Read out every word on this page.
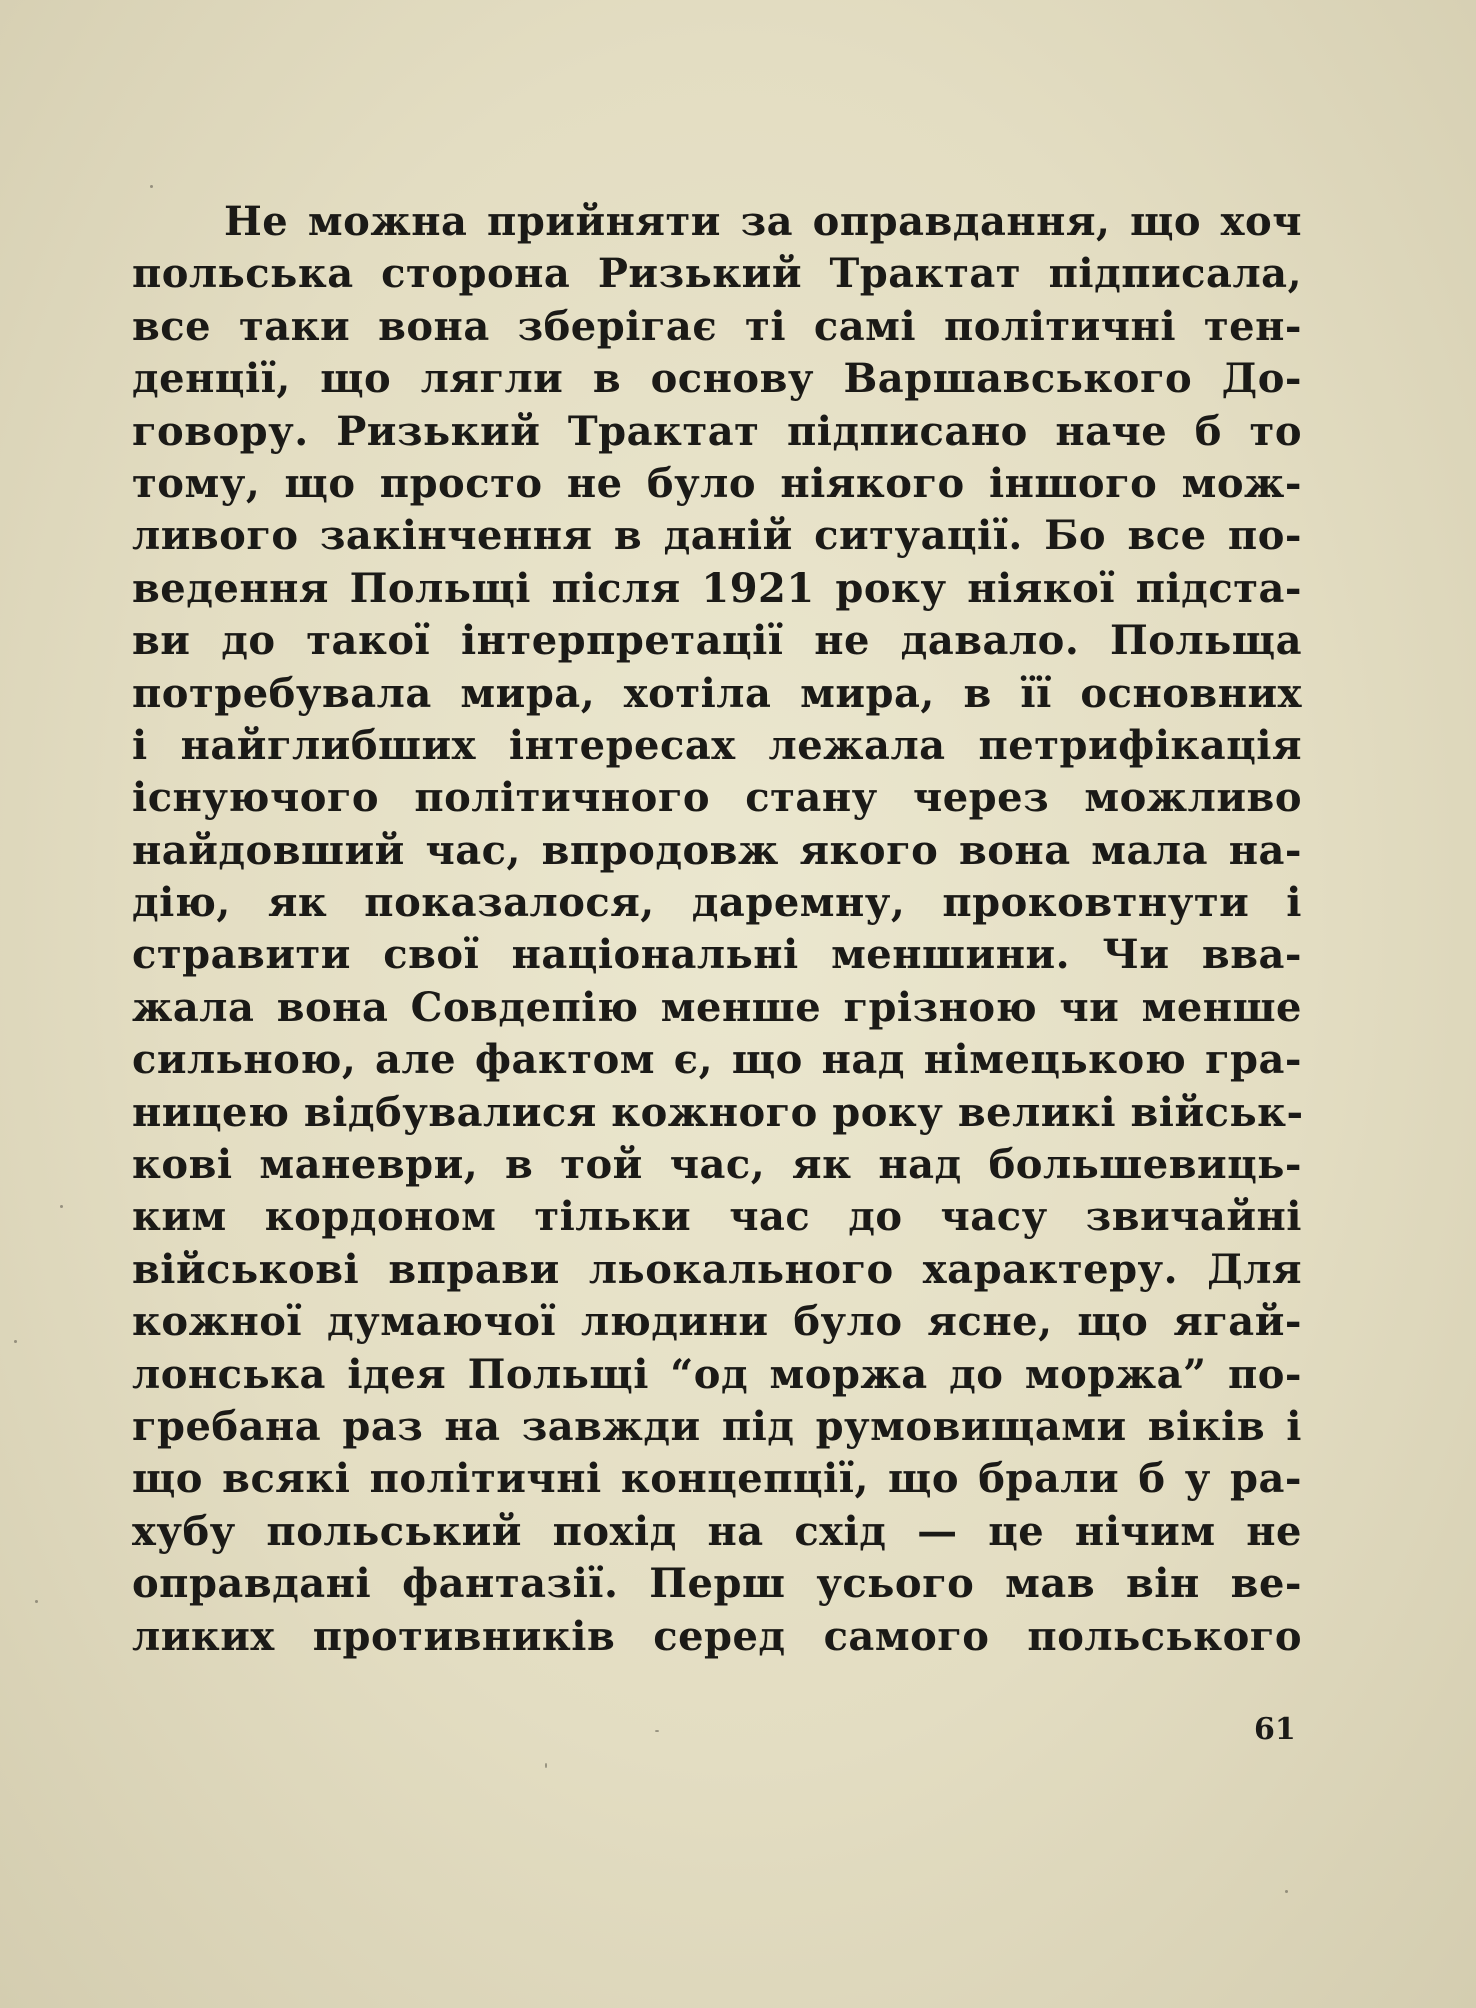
Не можна прийняти за оправдання, що хоч
польська сторона Ризький Трактат підписала,
все таки вона зберігає ті самі політичні тен-
денції, що лягли в основу Варшавського До-
говору. Ризький Трактат підписано наче б то
тому, що просто не було ніякого іншого мож-
ливого закінчення в даній ситуації. Бо все по-
ведення Польщі після 1921 року ніякої підста-
ви до такої інтерпретації не давало. Польща
потребувала мира, хотіла мира, в її основних
і найглибших інтересах лежала петрифікація
існуючого політичного стану через можливо
найдовший час, впродовж якого вона мала на-
дію, як показалося, даремну, проковтнути і
стравити свої національні меншини. Чи вва-
жала вона Совдепію менше грізною чи менше
сильною, але фактом є, що над німецькою гра-
ницею відбувалися кожного року великі військ-
кові маневри, в той час, як над большевиць-
ким кордоном тільки час до часу звичайні
військові вправи льокального характеру. Для
кожної думаючої людини було ясне, що ягай-
лонська ідея Польщі “од моржа до моржа” по-
гребана раз на завжди під румовищами віків і
що всякі політичні концепції, що брали б у ра-
хубу польський похід на схід — це нічим не
оправдані фантазії. Перш усього мав він ве-
ликих противників серед самого польського
61
